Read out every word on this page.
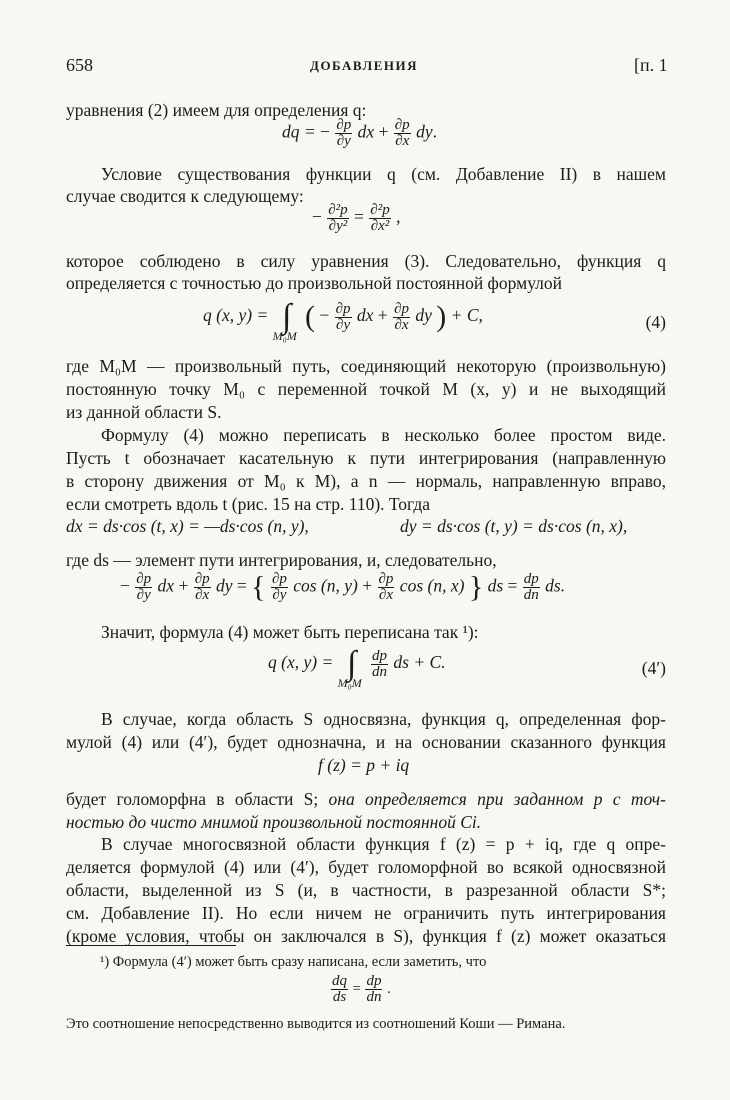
658	ДОБАВЛЕНИЯ	[п. 1
уравнения (2) имеем для определения q:
dq = − $\frac{\partial p}{\partial y}$ dx + $\frac{\partial p}{\partial x}$ dy.
Условие существования функции q (см. Добавление II) в нашем
случае сводится к следующему:
− $\frac{\text{∂²p}}{\text{∂y²}} = \frac{\text{∂²p}}{\text{∂x²}}$ ,
которое соблюдено в силу уравнения (3). Следовательно, функция q
определяется с точностью до произвольной постоянной формулой
q (x, y) = ∫
M₀M
( − $\frac{\partial p}{\partial y}$ dx + $\frac{\partial p}{\partial x}$ dy ) + C,	(4)
где M₀M — произвольный путь, соединяющий некоторую (произвольную)
постоянную точку M₀ с переменной точкой M (x, y) и не выходящий
из данной области S.
Формулу (4) можно переписать в несколько более простом виде.
Пусть t обозначает касательную к пути интегрирования (направленную
в сторону движения от M₀ к M), а n — нормаль, направленную вправо,
если смотреть вдоль t (рис. 15 на стр. 110). Тогда
dx = ds·cos (t, x) = —ds·cos (n, y),	dy = ds·cos (t, y) = ds·cos (n, x),
где ds — элемент пути интегрирования, и, следовательно,
− $\frac{\partial p}{\partial y}$ dx + $\frac{\partial p}{\partial x}$ dy = { $\frac{\partial p}{\partial y}$ cos (n, $y) + \frac{\partial p}{\partial x}$ cos (n, x) } ds = $\frac{dp}{dn}$ ds.
Значит, формула (4) может быть переписана так ¹):
q (x, y) = ∫
M₀M

$\frac{dp}{dn}$ ds + C.	(4′)
В случае, когда область S односвязна, функция q, определенная фор-
мулой (4) или (4′), будет однозначна, и на основании сказанного функция
f (z) = p + iq
будет голоморфна в области S; она определяется при заданном p с точ-
ностью до чисто мнимой произвольной постоянной Ci.
В случае многосвязной области функция f (z) = p + iq, где q опре-
деляется формулой (4) или (4′), будет голоморфной во всякой односвязной
области, выделенной из S (и, в частности, в разрезанной области S*;
см. Добавление II). Но если ничем не ограничить путь интегрирования
(кроме условия, чтобы он заключался в S), функция f (z) может оказаться
¹) Формула (4′) может быть сразу написана, если заметить, что
$\frac{dq}{ds} = \frac{dp}{dn}$ .
Это соотношение непосредственно выводится из соотношений Коши — Римана.
